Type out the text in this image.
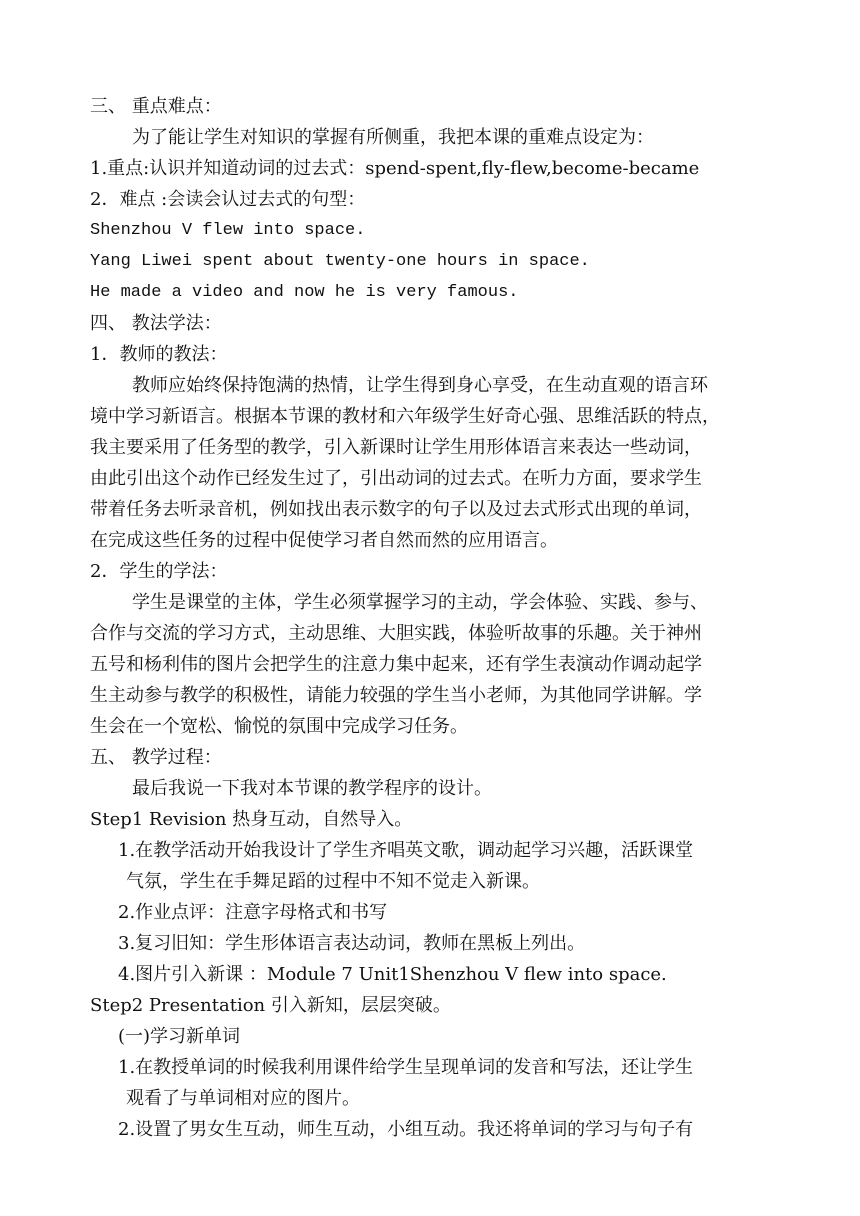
三、 重点难点：
为了能让学生对知识的掌握有所侧重，我把本课的重难点设定为：
1.重点:认识并知道动词的过去式：spend-spent,fly-flew,become-became
2．难点 :会读会认过去式的句型：
Shenzhou V flew into space.
Yang Liwei spent about twenty-one hours in space.
He made a video and now he is very famous.
四、 教法学法：
1．教师的教法：
教师应始终保持饱满的热情，让学生得到身心享受，在生动直观的语言环
境中学习新语言。根据本节课的教材和六年级学生好奇心强、思维活跃的特点，
我主要采用了任务型的教学，引入新课时让学生用形体语言来表达一些动词，
由此引出这个动作已经发生过了，引出动词的过去式。在听力方面，要求学生
带着任务去听录音机，例如找出表示数字的句子以及过去式形式出现的单词，
在完成这些任务的过程中促使学习者自然而然的应用语言。
2．学生的学法：
学生是课堂的主体，学生必须掌握学习的主动，学会体验、实践、参与、
合作与交流的学习方式，主动思维、大胆实践，体验听故事的乐趣。关于神州
五号和杨利伟的图片会把学生的注意力集中起来，还有学生表演动作调动起学
生主动参与教学的积极性，请能力较强的学生当小老师，为其他同学讲解。学
生会在一个宽松、愉悦的氛围中完成学习任务。
五、 教学过程：
最后我说一下我对本节课的教学程序的设计。
Step1 Revision 热身互动，自然导入。
1.在教学活动开始我设计了学生齐唱英文歌，调动起学习兴趣，活跃课堂
气氛，学生在手舞足蹈的过程中不知不觉走入新课。
2.作业点评：注意字母格式和书写
3.复习旧知：学生形体语言表达动词，教师在黑板上列出。
4.图片引入新课 ：Module 7 Unit1Shenzhou V flew into space.
Step2 Presentation 引入新知，层层突破。
(一)学习新单词
1.在教授单词的时候我利用课件给学生呈现单词的发音和写法，还让学生
观看了与单词相对应的图片。
2.设置了男女生互动，师生互动，小组互动。我还将单词的学习与句子有
